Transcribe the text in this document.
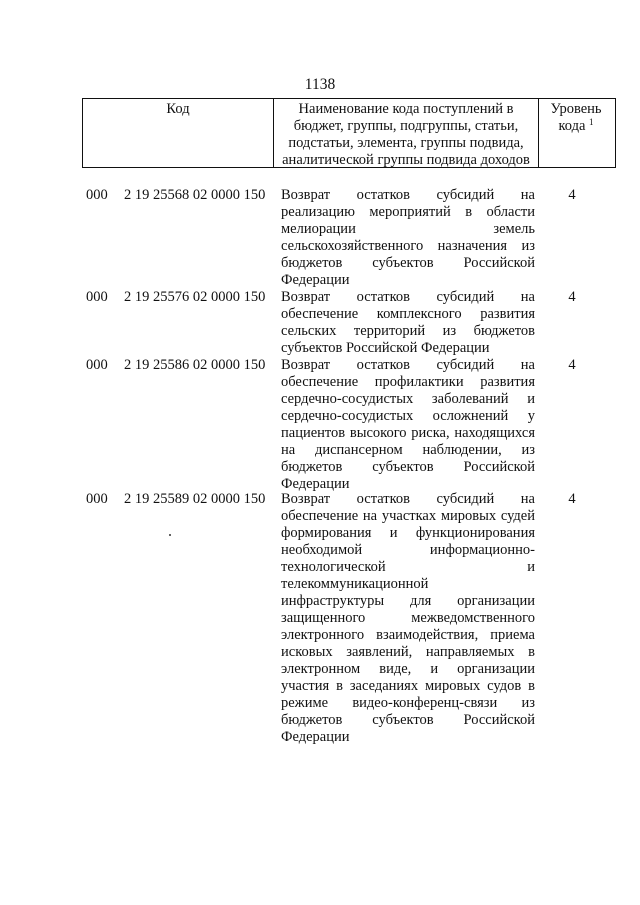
1138
Код	Наименование кода поступлений в
бюджет, группы, подгруппы, статьи,
подстатьи, элемента, группы подвида,
аналитической группы подвида доходов
Уровень
кода $^1$
000	2 19 25568 02 0000 150	Возврат остатков субсидий на
реализацию мероприятий в области
мелиорации земель
сельскохозяйственного назначения из
бюджетов субъектов Российской
Федерации
4
000	2 19 25576 02 0000 150	Возврат остатков субсидий на
обеспечение комплексного развития
сельских территорий из бюджетов
субъектов Российской Федерации
4
000	2 19 25586 02 0000 150	Возврат остатков субсидий на
обеспечение профилактики развития
сердечно-сосудистых заболеваний и
сердечно-сосудистых осложнений у
пациентов высокого риска, находящихся
на диспансерном наблюдении, из
бюджетов субъектов Российской
Федерации
4
000	2 19 25589 02 0000 150	Возврат остатков субсидий на
обеспечение на участках мировых судей
формирования и функционирования
необходимой информационно-
технологической и
телекоммуникационной
инфраструктуры для организации
защищенного межведомственного
электронного взаимодействия, приема
исковых заявлений, направляемых в
электронном виде, и организации
участия в заседаниях мировых судов в
режиме видео-конференц-связи из
бюджетов субъектов Российской
Федерации
4
